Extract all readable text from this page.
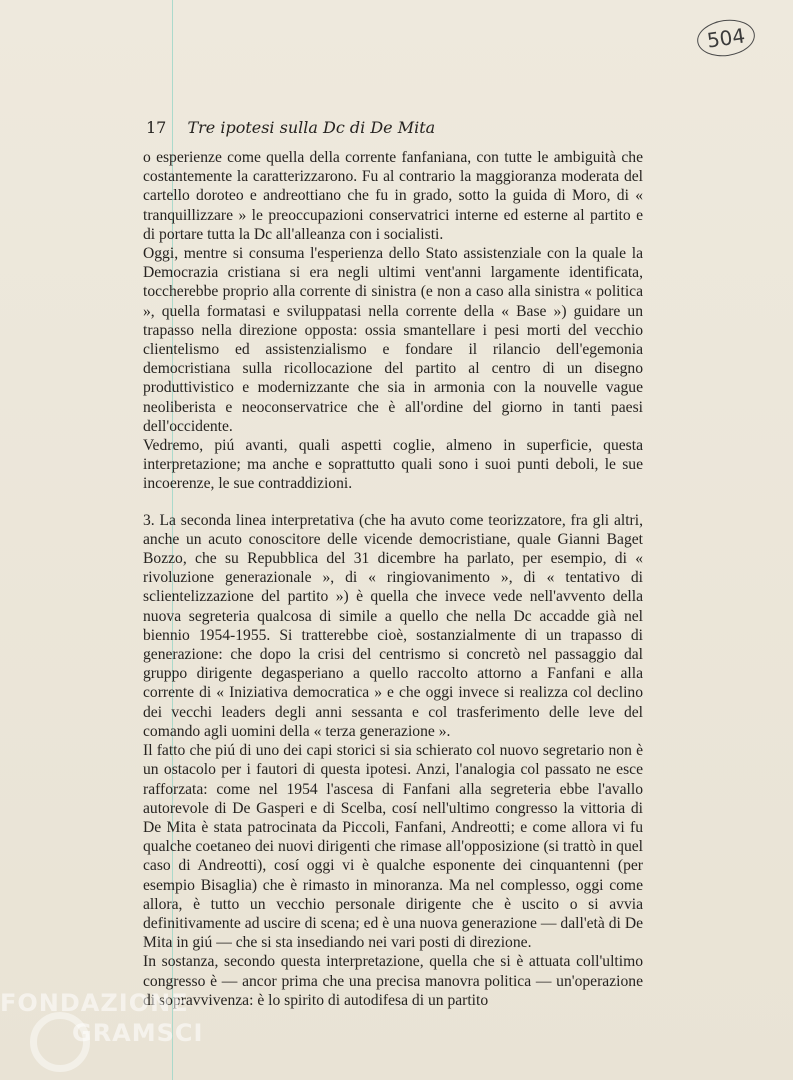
504
17 Tre ipotesi sulla Dc di De Mita

o esperienze come quella della corrente fanfaniana, con tutte le ambiguità che costantemente la caratterizzarono. Fu al contrario la maggioranza moderata del cartello doroteo e andreottiano che fu in grado, sotto la guida di Moro, di « tranquillizzare » le preoccupazioni conservatrici interne ed esterne al partito e di portare tutta la Dc all'alleanza con i socialisti.

Oggi, mentre si consuma l'esperienza dello Stato assistenziale con la quale la Democrazia cristiana si era negli ultimi vent'anni largamente identificata, toccherebbe proprio alla corrente di sinistra (e non a caso alla sinistra « politica », quella formatasi e sviluppatasi nella corrente della « Base ») guidare un trapasso nella direzione opposta: ossia smantellare i pesi morti del vecchio clientelismo ed assistenzialismo e fondare il rilancio dell'egemonia democristiana sulla ricollocazione del partito al centro di un disegno produttivistico e modernizzante che sia in armonia con la nouvelle vague neoliberista e neoconservatrice che è all'ordine del giorno in tanti paesi dell'occidente.

Vedremo, piú avanti, quali aspetti coglie, almeno in superficie, questa interpretazione; ma anche e soprattutto quali sono i suoi punti deboli, le sue incoerenze, le sue contraddizioni.

3. La seconda linea interpretativa (che ha avuto come teorizzatore, fra gli altri, anche un acuto conoscitore delle vicende democristiane, quale Gianni Baget Bozzo, che su Repubblica del 31 dicembre ha parlato, per esempio, di « rivoluzione generazionale », di « ringiovanimento », di « tentativo di sclientelizzazione del partito ») è quella che invece vede nell'avvento della nuova segreteria qualcosa di simile a quello che nella Dc accadde già nel biennio 1954-1955. Si tratterebbe cioè, sostanzialmente di un trapasso di generazione: che dopo la crisi del centrismo si concretò nel passaggio dal gruppo dirigente degasperiano a quello raccolto attorno a Fanfani e alla corrente di « Iniziativa democratica » e che oggi invece si realizza col declino dei vecchi leaders degli anni sessanta e col trasferimento delle leve del comando agli uomini della « terza generazione ».

Il fatto che piú di uno dei capi storici si sia schierato col nuovo segretario non è un ostacolo per i fautori di questa ipotesi. Anzi, l'analogia col passato ne esce rafforzata: come nel 1954 l'ascesa di Fanfani alla segreteria ebbe l'avallo autorevole di De Gasperi e di Scelba, cosí nell'ultimo congresso la vittoria di De Mita è stata patrocinata da Piccoli, Fanfani, Andreotti; e come allora vi fu qualche coetaneo dei nuovi dirigenti che rimase all'opposizione (si trattò in quel caso di Andreotti), cosí oggi vi è qualche esponente dei cinquantenni (per esempio Bisaglia) che è rimasto in minoranza. Ma nel complesso, oggi come allora, è tutto un vecchio personale dirigente che è uscito o si avvia definitivamente ad uscire di scena; ed è una nuova generazione — dall'età di De Mita in giú — che si sta insediando nei vari posti di direzione.

In sostanza, secondo questa interpretazione, quella che si è attuata coll'ultimo congresso è — ancor prima che una precisa manovra politica — un'operazione di sopravvivenza: è lo spirito di autodifesa di un partito

FONDAZIONE
GRAMSCI
